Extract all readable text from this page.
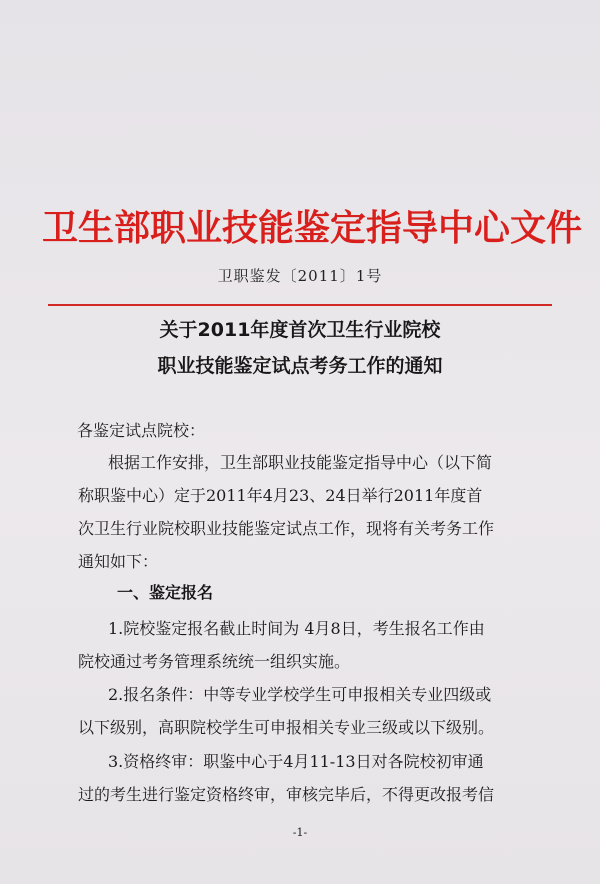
卫生部职业技能鉴定指导中心文件
卫职鉴发〔2011〕1号
关于2011年度首次卫生行业院校
职业技能鉴定试点考务工作的通知
各鉴定试点院校：
根据工作安排，卫生部职业技能鉴定指导中心（以下简
称职鉴中心）定于2011年4月23、24日举行2011年度首
次卫生行业院校职业技能鉴定试点工作，现将有关考务工作
通知如下：
一、鉴定报名
1.院校鉴定报名截止时间为 4月8日，考生报名工作由
院校通过考务管理系统统一组织实施。
2.报名条件：中等专业学校学生可申报相关专业四级或
以下级别，高职院校学生可申报相关专业三级或以下级别。
3.资格终审：职鉴中心于4月11-13日对各院校初审通
过的考生进行鉴定资格终审，审核完毕后，不得更改报考信
-1-
